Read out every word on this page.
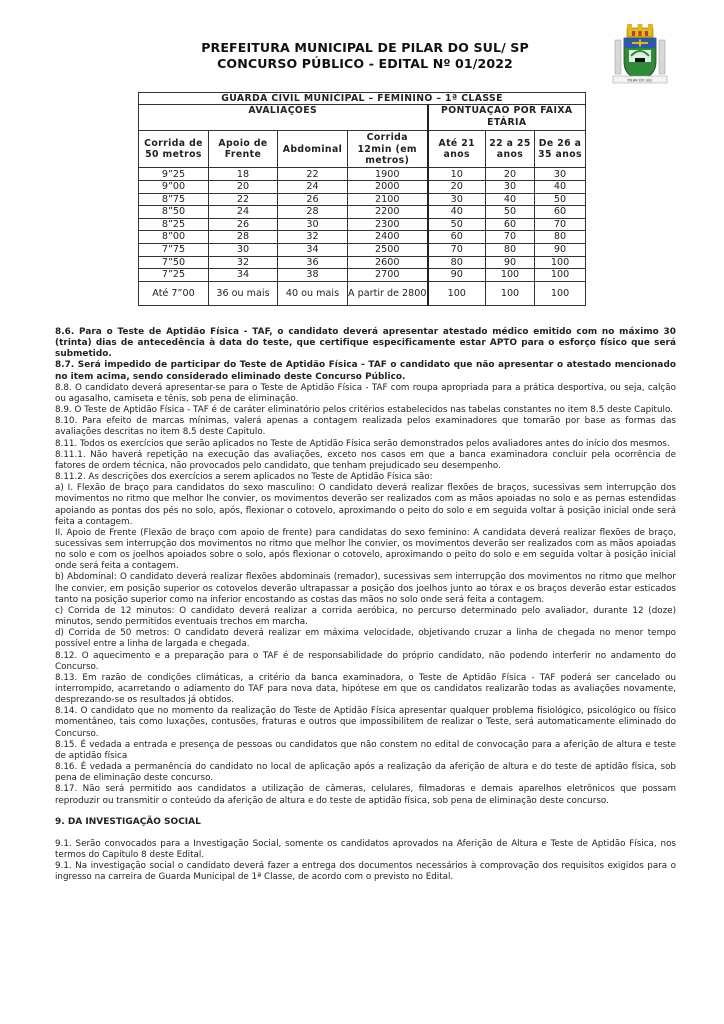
PREFEITURA MUNICIPAL DE PILAR DO SUL/ SP
CONCURSO PÚBLICO - EDITAL Nº 01/2022
PILAR DO SUL
GUARDA CIVIL MUNICIPAL – FEMININO – 1ª CLASSE						
AVALIAÇÕES				PONTUAÇÃO POR FAIXA ETÁRIA		
Corrida de 50 metros	Apoio de Frente	Abdominal	Corrida 12min (em metros)	Até 21 anos	22 a 25 anos	De 26 a 35 anos
9”25	18	22	1900	10	20	30
9”00	20	24	2000	20	30	40
8”75	22	26	2100	30	40	50
8”50	24	28	2200	40	50	60
8”25	26	30	2300	50	60	70
8”00	28	32	2400	60	70	80
7”75	30	34	2500	70	80	90
7”50	32	36	2600	80	90	100
7”25	34	38	2700	90	100	100
Até 7”00	36 ou mais	40 ou mais	A partir de 2800	100	100	100

8.6. Para o Teste de Aptidão Física - TAF, o candidato deverá apresentar atestado médico emitido com no máximo 30 (trinta) dias de antecedência à data do teste, que certifique especificamente estar APTO para o esforço físico que será submetido.

8.7. Será impedido de participar do Teste de Aptidão Física - TAF o candidato que não apresentar o atestado mencionado no item acima, sendo considerado eliminado deste Concurso Público.

8.8. O candidato deverá apresentar-se para o Teste de Aptidão Física - TAF com roupa apropriada para a prática desportiva, ou seja, calção ou agasalho, camiseta e tênis, sob pena de eliminação.

8.9. O Teste de Aptidão Física - TAF é de caráter eliminatório pelos critérios estabelecidos nas tabelas constantes no item 8.5 deste Capitulo.

8.10. Para efeito de marcas mínimas, valerá apenas a contagem realizada pelos examinadores que tomarão por base as formas das avaliações descritas no item 8.5 deste Capitulo.

8.11. Todos os exercícios que serão aplicados no Teste de Aptidão Física serão demonstrados pelos avaliadores antes do início dos mesmos.

8.11.1. Não haverá repetição na execução das avaliações, exceto nos casos em que a banca examinadora concluir pela ocorrência de fatores de ordem técnica, não provocados pelo candidato, que tenham prejudicado seu desempenho.

8.11.2. As descrições dos exercícios a serem aplicados no Teste de Aptidão Física são:

a) I. Flexão de braço para candidatos do sexo masculino: O candidato deverá realizar flexões de braços, sucessivas sem interrupção dos movimentos no ritmo que melhor lhe convier, os movimentos deverão ser realizados com as mãos apoiadas no solo e as pernas estendidas apoiando as pontas dos pés no solo, após, flexionar o cotovelo, aproximando o peito do solo e em seguida voltar à posição inicial onde será feita a contagem.

II. Apoio de Frente (Flexão de braço com apoio de frente) para candidatas do sexo feminino: A candidata deverá realizar flexões de braço, sucessivas sem interrupção dos movimentos no ritmo que melhor lhe convier, os movimentos deverão ser realizados com as mãos apoiadas no solo e com os joelhos apoiados sobre o solo, após flexionar o cotovelo, aproximando o peito do solo e em seguida voltar à posição inicial onde será feita a contagem.

b) Abdominal: O candidato deverá realizar flexões abdominais (remador), sucessivas sem interrupção dos movimentos no ritmo que melhor lhe convier, em posição superior os cotovelos deverão ultrapassar a posição dos joelhos junto ao tórax e os braços deverão estar esticados tanto na posição superior como na inferior encostando as costas das mãos no solo onde será feita a contagem.

c) Corrida de 12 minutos: O candidato deverá realizar a corrida aeróbica, no percurso determinado pelo avaliador, durante 12 (doze) minutos, sendo permitidos eventuais trechos em marcha.

d) Corrida de 50 metros: O candidato deverá realizar em máxima velocidade, objetivando cruzar a linha de chegada no menor tempo possível entre a linha de largada e chegada.

8.12. O aquecimento e a preparação para o TAF é de responsabilidade do próprio candidato, não podendo interferir no andamento do Concurso.

8.13. Em razão de condições climáticas, a critério da banca examinadora, o Teste de Aptidão Física - TAF poderá ser cancelado ou interrompido, acarretando o adiamento do TAF para nova data, hipótese em que os candidatos realizarão todas as avaliações novamente, desprezando-se os resultados já obtidos.

8.14. O candidato que no momento da realização do Teste de Aptidão Física apresentar qualquer problema fisiológico, psicológico ou físico momentâneo, tais como luxações, contusões, fraturas e outros que impossibilitem de realizar o Teste, será automaticamente eliminado do Concurso.

8.15. É vedada a entrada e presença de pessoas ou candidatos que não constem no edital de convocação para a aferição de altura e teste de aptidão física

8.16. É vedada a permanência do candidato no local de aplicação após a realização da aferição de altura e do teste de aptidão física, sob pena de eliminação deste concurso.

8.17. Não será permitido aos candidatos a utilização de câmeras, celulares, filmadoras e demais aparelhos eletrônicos que possam reproduzir ou transmitir o conteúdo da aferição de altura e do teste de aptidão física, sob pena de eliminação deste concurso.

9. DA INVESTIGAÇÃO SOCIAL

9.1. Serão convocados para a Investigação Social, somente os candidatos aprovados na Aferição de Altura e Teste de Aptidão Física, nos termos do Capítulo 8 deste Edital.

9.1. Na investigação social o candidato deverá fazer a entrega dos documentos necessários à comprovação dos requisitos exigidos para o ingresso na carreira de Guarda Municipal de 1ª Classe, de acordo com o previsto no Edital.
